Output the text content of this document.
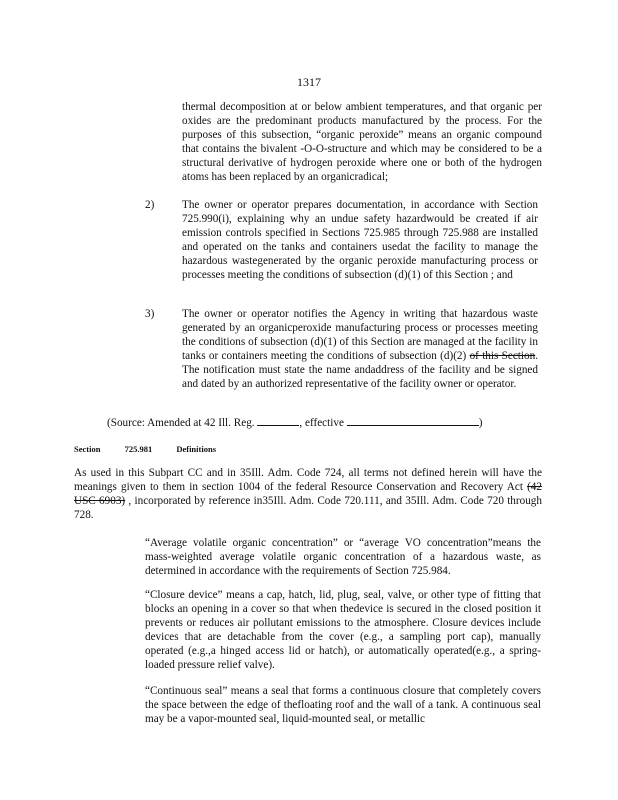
1317

thermal decomposition at or below ambient temperatures, and that organic per oxides are the predominant products manufactured by the process. For the purposes of this subsection, “organic peroxide” means an organic compound that contains the bivalent -O-O-structure and which may be considered to be a structural derivative of hydrogen peroxide where one or both of the hydrogen atoms has been replaced by an organicradical;

2)	The owner or operator prepares documentation, in accordance with Section 725.990(i), explaining why an undue safety hazardwould be created if air emission controls specified in Sections 725.985 through 725.988 are installed and operated on the tanks and containers usedat the facility to manage the hazardous wastegenerated by the organic peroxide manufacturing process or processes meeting the conditions of subsection (d)(1) of this Section ; and
3)	The owner or operator notifies the Agency in writing that hazardous waste generated by an organicperoxide manufacturing process or processes meeting the conditions of subsection (d)(1) of this Section are managed at the facility in tanks or containers meeting the conditions of subsection (d)(2) of this Section. The notification must state the name andaddress of the facility and be signed and dated by an authorized representative of the facility owner or operator.
(Source: Amended at 42 Ill. Reg.	, effective	)
Section	725.981	Definitions

As used in this Subpart CC and in 35Ill. Adm. Code 724, all terms not defined herein will have the meanings given to them in section 1004 of the federal Resource Conservation and Recovery Act (42 USC 6903) , incorporated by reference in35Ill. Adm. Code 720.111, and 35Ill. Adm. Code 720 through 728.

“Average volatile organic concentration” or “average VO concentration”means the mass-weighted average volatile organic concentration of a hazardous waste, as determined in accordance with the requirements of Section 725.984.

“Closure device” means a cap, hatch, lid, plug, seal, valve, or other type of fitting that blocks an opening in a cover so that when thedevice is secured in the closed position it prevents or reduces air pollutant emissions to the atmosphere. Closure devices include devices that are detachable from the cover (e.g., a sampling port cap), manually operated (e.g.,a hinged access lid or hatch), or automatically operated(e.g., a spring-loaded pressure relief valve).

“Continuous seal” means a seal that forms a continuous closure that completely covers the space between the edge of thefloating roof and the wall of a tank. A continuous seal may be a vapor-mounted seal, liquid-mounted seal, or metallic
